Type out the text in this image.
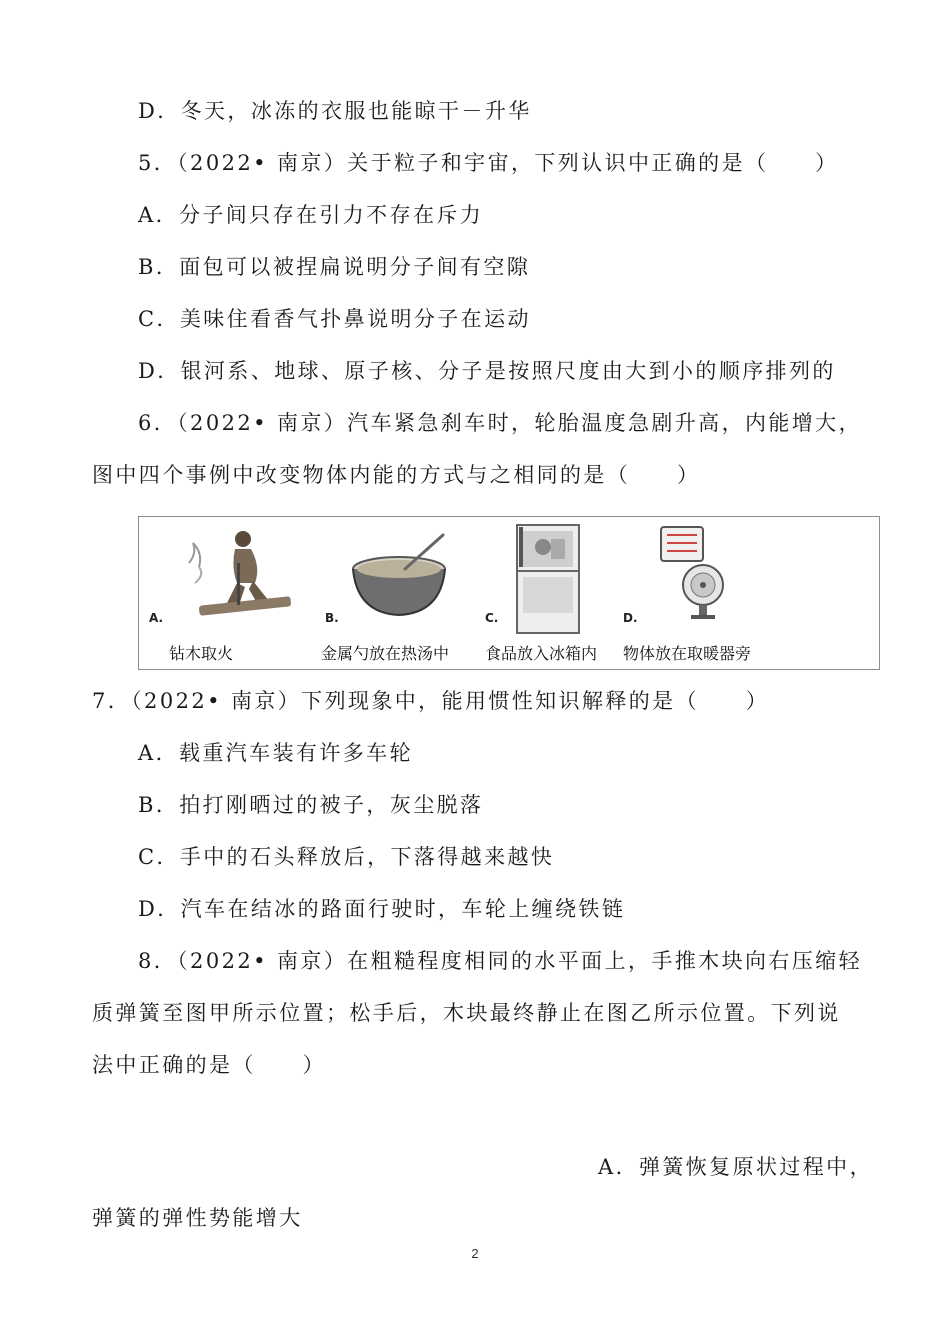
D．冬天，冰冻的衣服也能晾干－升华
5．（2022• 南京）关于粒子和宇宙，下列认识中正确的是（　　）
A．分子间只存在引力不存在斥力
B．面包可以被捏扁说明分子间有空隙
C．美味住看香气扑鼻说明分子在运动
D．银河系、地球、原子核、分子是按照尺度由大到小的顺序排列的
6．（2022• 南京）汽车紧急刹车时，轮胎温度急剧升高，内能增大，
图中四个事例中改变物体内能的方式与之相同的是（　　）
A.
钻木取火
B.
金属勺放在热汤中
C.
食品放入冰箱内
D.
物体放在取暖器旁
7．（2022• 南京）下列现象中，能用惯性知识解释的是（　　）
A．载重汽车装有许多车轮
B．拍打刚晒过的被子，灰尘脱落
C．手中的石头释放后，下落得越来越快
D．汽车在结冰的路面行驶时，车轮上缠绕铁链
8．（2022• 南京）在粗糙程度相同的水平面上，手推木块向右压缩轻
质弹簧至图甲所示位置；松手后，木块最终静止在图乙所示位置。下列说
法中正确的是（　　）
A．弹簧恢复原状过程中，
弹簧的弹性势能增大
2
